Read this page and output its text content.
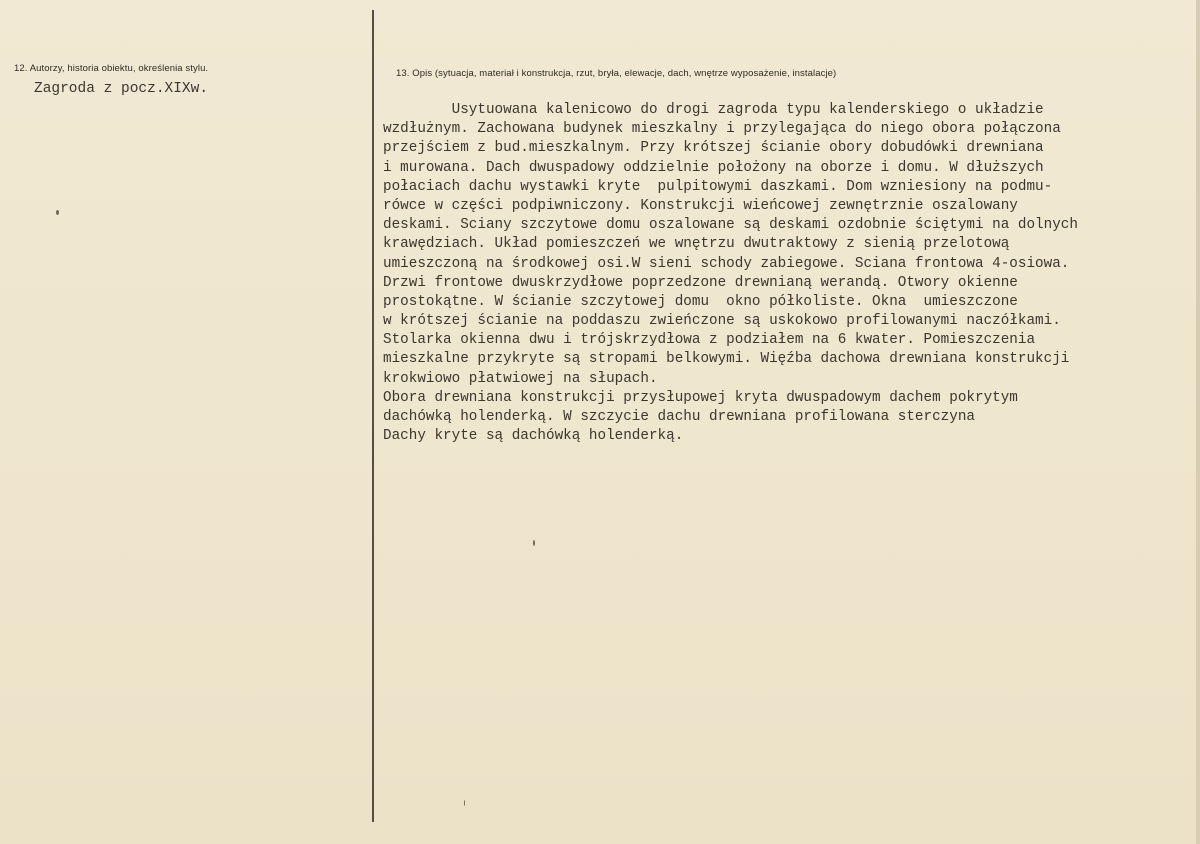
12. Autorzy, historia obiektu, określenia stylu.
Zagroda z pocz.XIXw.
13. Opis (sytuacja, materiał i konstrukcja, rzut, bryła, elewacje, dach, wnętrze wyposażenie, instalacje)
Usytuowana kalenicowo do drogi zagroda typu kalenderskiego o układzie
wzdłużnym. Zachowana budynek mieszkalny i przylegająca do niego obora połączona
przejściem z bud.mieszkalnym. Przy krótszej ścianie obory dobudówki drewniana
i murowana. Dach dwuspadowy oddzielnie położony na oborze i domu. W dłuższych
połaciach dachu wystawki kryte  pulpitowymi daszkami. Dom wzniesiony na podmu-
rówce w części podpiwniczony. Konstrukcji wieńcowej zewnętrznie oszalowany
deskami. Sciany szczytowe domu oszalowane są deskami ozdobnie ściętymi na dolnych
krawędziach. Układ pomieszczeń we wnętrzu dwutraktowy z sienią przelotową
umieszczoną na środkowej osi.W sieni schody zabiegowe. Sciana frontowa 4-osiowa.
Drzwi frontowe dwuskrzydłowe poprzedzone drewnianą werandą. Otwory okienne
prostokątne. W ścianie szczytowej domu  okno półkoliste. Okna  umieszczone
w krótszej ścianie na poddaszu zwieńczone są uskokowo profilowanymi naczółkami.
Stolarka okienna dwu i trójskrzydłowa z podziałem na 6 kwater. Pomieszczenia
mieszkalne przykryte są stropami belkowymi. Więźba dachowa drewniana konstrukcji
krokwiowo płatwiowej na słupach.
Obora drewniana konstrukcji przysłupowej kryta dwuspadowym dachem pokrytym
dachówką holenderką. W szczycie dachu drewniana profilowana sterczyna
Dachy kryte są dachówką holenderką.
